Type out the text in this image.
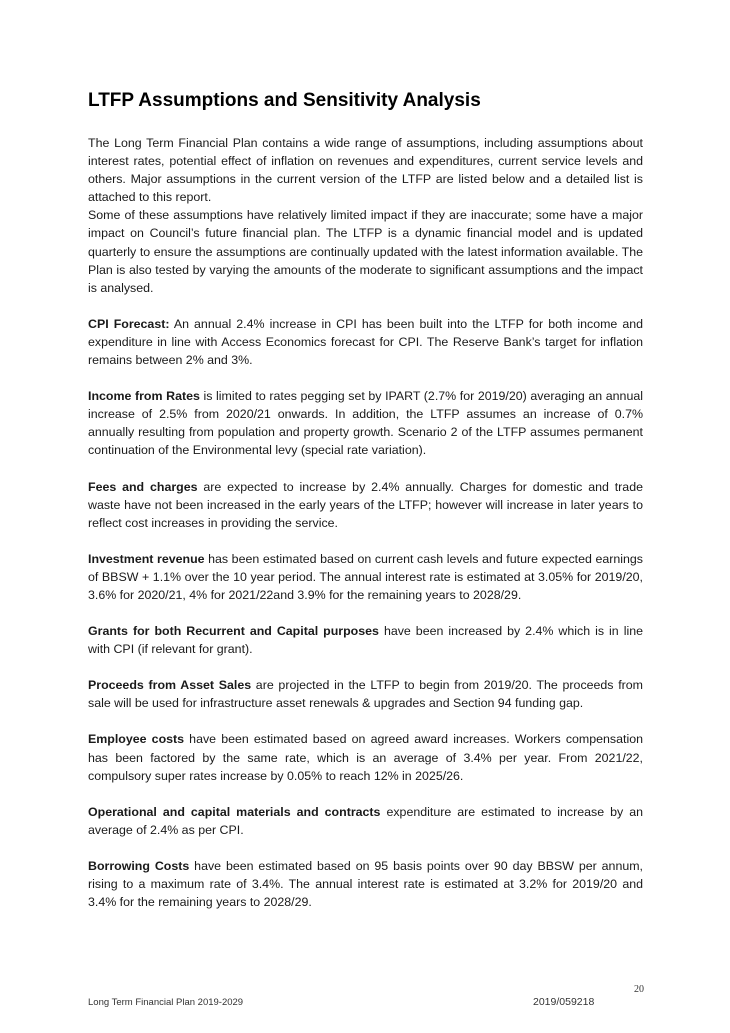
LTFP Assumptions and Sensitivity Analysis

The Long Term Financial Plan contains a wide range of assumptions, including assumptions about interest rates, potential effect of inflation on revenues and expenditures, current service levels and others. Major assumptions in the current version of the LTFP are listed below and a detailed list is attached to this report.

Some of these assumptions have relatively limited impact if they are inaccurate; some have a major impact on Council’s future financial plan. The LTFP is a dynamic financial model and is updated quarterly to ensure the assumptions are continually updated with the latest information available. The Plan is also tested by varying the amounts of the moderate to significant assumptions and the impact is analysed.

CPI Forecast: An annual 2.4% increase in CPI has been built into the LTFP for both income and expenditure in line with Access Economics forecast for CPI. The Reserve Bank’s target for inflation remains between 2% and 3%.

Income from Rates is limited to rates pegging set by IPART (2.7% for 2019/20) averaging an annual increase of 2.5% from 2020/21 onwards. In addition, the LTFP assumes an increase of 0.7% annually resulting from population and property growth. Scenario 2 of the LTFP assumes permanent continuation of the Environmental levy (special rate variation).

Fees and charges are expected to increase by 2.4% annually. Charges for domestic and trade waste have not been increased in the early years of the LTFP; however will increase in later years to reflect cost increases in providing the service.

Investment revenue has been estimated based on current cash levels and future expected earnings of BBSW + 1.1% over the 10 year period. The annual interest rate is estimated at 3.05% for 2019/20, 3.6% for 2020/21, 4% for 2021/22and 3.9% for the remaining years to 2028/29.

Grants for both Recurrent and Capital purposes have been increased by 2.4% which is in line with CPI (if relevant for grant).

Proceeds from Asset Sales are projected in the LTFP to begin from 2019/20. The proceeds from sale will be used for infrastructure asset renewals & upgrades and Section 94 funding gap.

Employee costs have been estimated based on agreed award increases. Workers compensation has been factored by the same rate, which is an average of 3.4% per year. From 2021/22, compulsory super rates increase by 0.05% to reach 12% in 2025/26.

Operational and capital materials and contracts expenditure are estimated to increase by an average of 2.4% as per CPI.

Borrowing Costs have been estimated based on 95 basis points over 90 day BBSW per annum, rising to a maximum rate of 3.4%. The annual interest rate is estimated at 3.2% for 2019/20 and 3.4% for the remaining years to 2028/29.

20
Long Term Financial Plan 2019-2029	2019/059218
